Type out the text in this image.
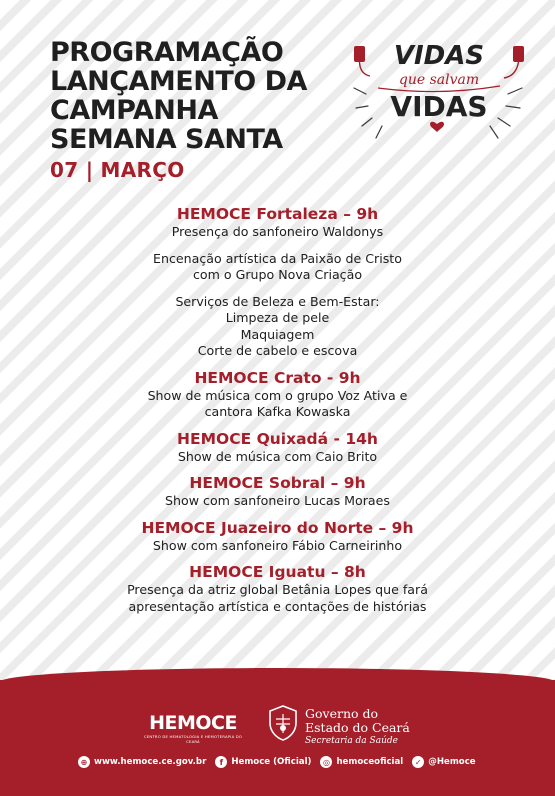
PROGRAMAÇÃO
LANÇAMENTO DA
CAMPANHA
SEMANA SANTA
07 | MARÇO
VIDAS
que salvam
VIDAS
HEMOCE Fortaleza – 9h
Presença do sanfoneiro Waldonys
Encenação artística da Paixão de Cristo
com o Grupo Nova Criação
Serviços de Beleza e Bem-Estar:
Limpeza de pele
Maquiagem
Corte de cabelo e escova
HEMOCE Crato - 9h
Show de música com o grupo Voz Ativa e
cantora Kafka Kowaska
HEMOCE Quixadá - 14h
Show de música com Caio Brito
HEMOCE Sobral – 9h
Show com sanfoneiro Lucas Moraes
HEMOCE Juazeiro do Norte – 9h
Show com sanfoneiro Fábio Carneirinho
HEMOCE Iguatu – 8h
Presença da atriz global Betânia Lopes que fará
apresentação artística e contações de histórias
HEMOCE
CENTRO DE HEMATOLOGIA E HEMOTERAPIA DO CEARÁ
Governo do
Estado do Ceará
Secretaria da Saúde
⊕ www.hemoce.ce.gov.br	f Hemoce (Oficial)	◎ hemoceoficial	✓ @Hemoce
